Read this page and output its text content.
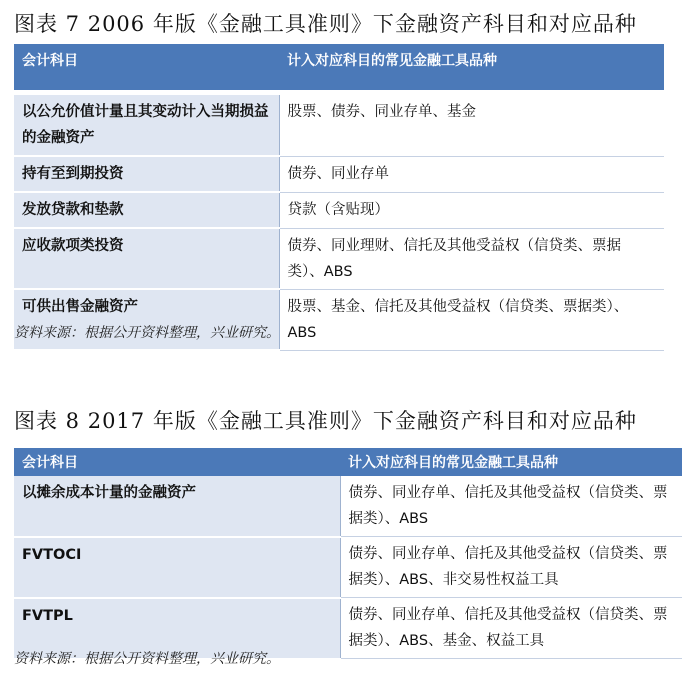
图表 7 2006 年版《金融工具准则》下金融资产科目和对应品种
会计科目	计入对应科目的常见金融工具品种

以公允价值计量且其变动计入当期损益的金融资产	股票、债券、同业存单、基金
持有至到期投资	债券、同业存单
发放贷款和垫款	贷款（含贴现）
应收款项类投资	债券、同业理财、信托及其他受益权（信贷类、票据类）、ABS
可供出售金融资产	股票、基金、信托及其他受益权（信贷类、票据类）、ABS
资料来源：根据公开资料整理，兴业研究。
图表 8 2017 年版《金融工具准则》下金融资产科目和对应品种
会计科目	计入对应科目的常见金融工具品种
以摊余成本计量的金融资产	债券、同业存单、信托及其他受益权（信贷类、票据类）、ABS
FVTOCI	债券、同业存单、信托及其他受益权（信贷类、票据类）、ABS、非交易性权益工具
FVTPL	债券、同业存单、信托及其他受益权（信贷类、票据类）、ABS、基金、权益工具
资料来源：根据公开资料整理，兴业研究。
